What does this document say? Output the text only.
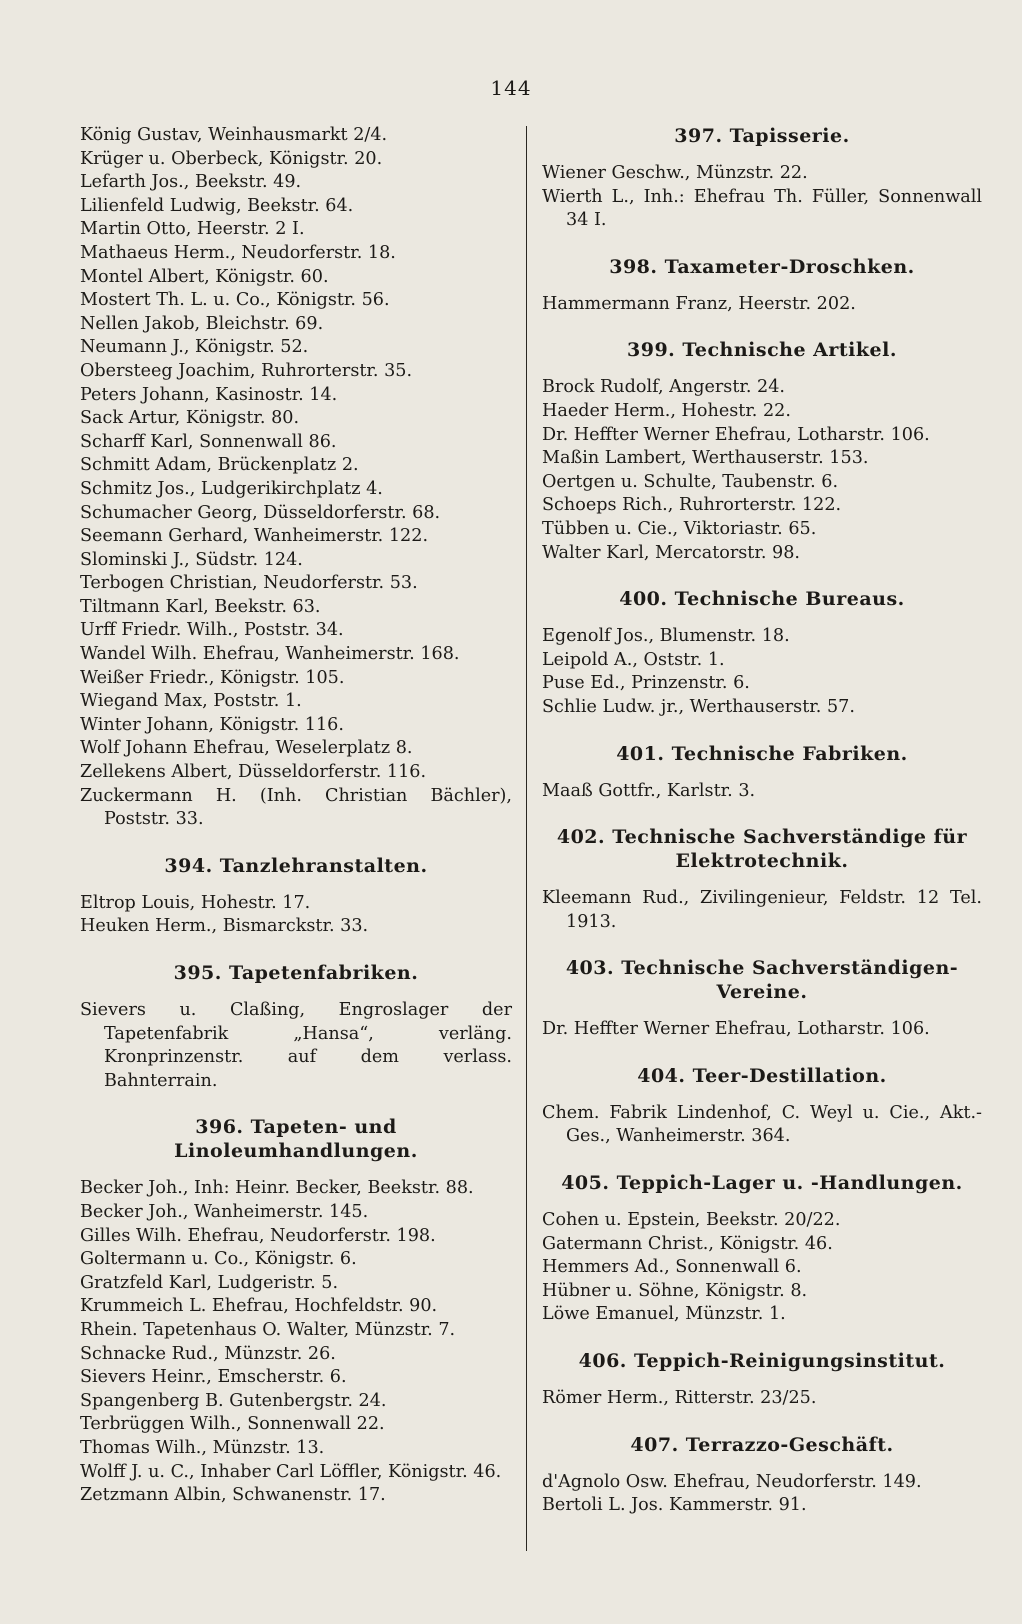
144
König Gustav, Weinhausmarkt 2/4.
Krüger u. Oberbeck, Königstr. 20.
Lefarth Jos., Beekstr. 49.
Lilienfeld Ludwig, Beekstr. 64.
Martin Otto, Heerstr. 2 I.
Mathaeus Herm., Neudorferstr. 18.
Montel Albert, Königstr. 60.
Mostert Th. L. u. Co., Königstr. 56.
Nellen Jakob, Bleichstr. 69.
Neumann J., Königstr. 52.
Obersteeg Joachim, Ruhrorterstr. 35.
Peters Johann, Kasinostr. 14.
Sack Artur, Königstr. 80.
Scharff Karl, Sonnenwall 86.
Schmitt Adam, Brückenplatz 2.
Schmitz Jos., Ludgerikirchplatz 4.
Schumacher Georg, Düsseldorferstr. 68.
Seemann Gerhard, Wanheimerstr. 122.
Slominski J., Südstr. 124.
Terbogen Christian, Neudorferstr. 53.
Tiltmann Karl, Beekstr. 63.
Urff Friedr. Wilh., Poststr. 34.
Wandel Wilh. Ehefrau, Wanheimerstr. 168.
Weißer Friedr., Königstr. 105.
Wiegand Max, Poststr. 1.
Winter Johann, Königstr. 116.
Wolf Johann Ehefrau, Weselerplatz 8.
Zellekens Albert, Düsseldorferstr. 116.
Zuckermann H. (Inh. Christian Bächler), Poststr. 33.
394. Tanzlehranstalten.
Eltrop Louis, Hohestr. 17.
Heuken Herm., Bismarckstr. 33.
395. Tapetenfabriken.
Sievers u. Claßing, Engroslager der Tapetenfabrik „Hansa“, verläng. Kronprinzenstr. auf dem verlass. Bahnterrain.
396. Tapeten- und Linoleumhandlungen.
Becker Joh., Inh: Heinr. Becker, Beekstr. 88.
Becker Joh., Wanheimerstr. 145.
Gilles Wilh. Ehefrau, Neudorferstr. 198.
Goltermann u. Co., Königstr. 6.
Gratzfeld Karl, Ludgeristr. 5.
Krummeich L. Ehefrau, Hochfeldstr. 90.
Rhein. Tapetenhaus O. Walter, Münzstr. 7.
Schnacke Rud., Münzstr. 26.
Sievers Heinr., Emscherstr. 6.
Spangenberg B. Gutenbergstr. 24.
Terbrüggen Wilh., Sonnenwall 22.
Thomas Wilh., Münzstr. 13.
Wolff J. u. C., Inhaber Carl Löffler, Königstr. 46.
Zetzmann Albin, Schwanenstr. 17.
397. Tapisserie.
Wiener Geschw., Münzstr. 22.
Wierth L., Inh.: Ehefrau Th. Füller, Sonnenwall 34 I.
398. Taxameter-Droschken.
Hammermann Franz, Heerstr. 202.
399. Technische Artikel.
Brock Rudolf, Angerstr. 24.
Haeder Herm., Hohestr. 22.
Dr. Heffter Werner Ehefrau, Lotharstr. 106.
Maßin Lambert, Werthauserstr. 153.
Oertgen u. Schulte, Taubenstr. 6.
Schoeps Rich., Ruhrorterstr. 122.
Tübben u. Cie., Viktoriastr. 65.
Walter Karl, Mercatorstr. 98.
400. Technische Bureaus.
Egenolf Jos., Blumenstr. 18.
Leipold A., Oststr. 1.
Puse Ed., Prinzenstr. 6.
Schlie Ludw. jr., Werthauserstr. 57.
401. Technische Fabriken.
Maaß Gottfr., Karlstr. 3.
402. Technische Sachverständige für Elektrotechnik.
Kleemann Rud., Zivilingenieur, Feldstr. 12 Tel. 1913.
403. Technische Sachverständigen-Vereine.
Dr. Heffter Werner Ehefrau, Lotharstr. 106.
404. Teer-Destillation.
Chem. Fabrik Lindenhof, C. Weyl u. Cie., Akt.-Ges., Wanheimerstr. 364.
405. Teppich-Lager u. -Handlungen.
Cohen u. Epstein, Beekstr. 20/22.
Gatermann Christ., Königstr. 46.
Hemmers Ad., Sonnenwall 6.
Hübner u. Söhne, Königstr. 8.
Löwe Emanuel, Münzstr. 1.
406. Teppich-Reinigungsinstitut.
Römer Herm., Ritterstr. 23/25.
407. Terrazzo-Geschäft.
d'Agnolo Osw. Ehefrau, Neudorferstr. 149.
Bertoli L. Jos. Kammerstr. 91.
